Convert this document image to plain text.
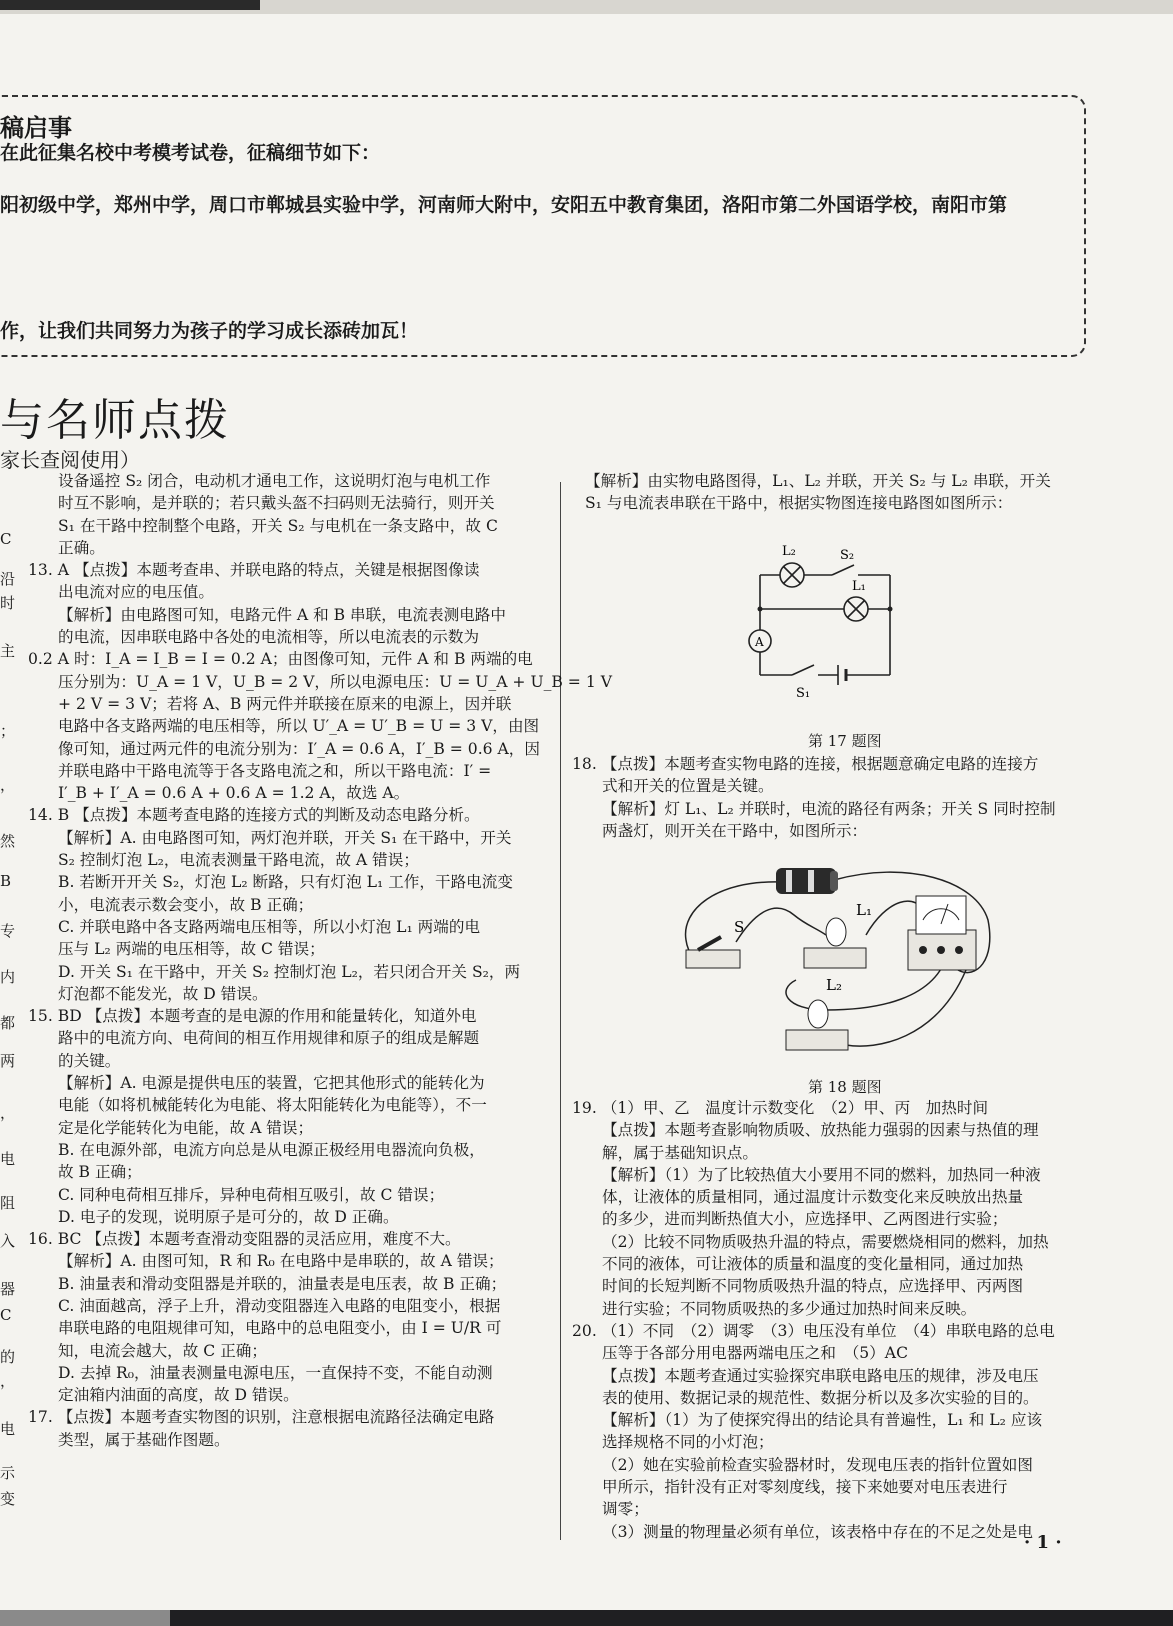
稿启事
在此征集名校中考模考试卷，征稿细节如下：
阳初级中学，郑州中学，周口市郸城县实验中学，河南师大附中，安阳五中教育集团，洛阳市第二外国语学校，南阳市第
作，让我们共同努力为孩子的学习成长添砖加瓦！
与名师点拨
家长查阅使用）
C
沿
时
主
；
，
然
B
专
内
都
两
，
电
阻
入
器
C
的
，
电
示
变

设备遥控 S₂ 闭合，电动机才通电工作，这说明灯泡与电机工作

时互不影响，是并联的；若只戴头盔不扫码则无法骑行，则开关

S₁ 在干路中控制整个电路，开关 S₂ 与电机在一条支路中，故 C

正确。

13. A 【点拨】本题考查串、并联电路的特点，关键是根据图像读

出电流对应的电压值。

【解析】由电路图可知，电路元件 A 和 B 串联，电流表测电路中

的电流，因串联电路中各处的电流相等，所以电流表的示数为

0.2 A 时：I_A = I_B = I = 0.2 A；由图像可知，元件 A 和 B 两端的电

压分别为：U_A = 1 V，U_B = 2 V，所以电源电压：U = U_A + U_B = 1 V

+ 2 V = 3 V；若将 A、B 两元件并联接在原来的电源上，因并联

电路中各支路两端的电压相等，所以 U′_A = U′_B = U = 3 V，由图

像可知，通过两元件的电流分别为：I′_A = 0.6 A，I′_B = 0.6 A，因

并联电路中干路电流等于各支路电流之和，所以干路电流：I′ =

I′_B + I′_A = 0.6 A + 0.6 A = 1.2 A，故选 A。

14. B 【点拨】本题考查电路的连接方式的判断及动态电路分析。

【解析】A. 由电路图可知，两灯泡并联，开关 S₁ 在干路中，开关

S₂ 控制灯泡 L₂，电流表测量干路电流，故 A 错误；

B. 若断开开关 S₂，灯泡 L₂ 断路，只有灯泡 L₁ 工作，干路电流变

小，电流表示数会变小，故 B 正确；

C. 并联电路中各支路两端电压相等，所以小灯泡 L₁ 两端的电

压与 L₂ 两端的电压相等，故 C 错误；

D. 开关 S₁ 在干路中，开关 S₂ 控制灯泡 L₂，若只闭合开关 S₂，两

灯泡都不能发光，故 D 错误。

15. BD 【点拨】本题考查的是电源的作用和能量转化，知道外电

路中的电流方向、电荷间的相互作用规律和原子的组成是解题

的关键。

【解析】A. 电源是提供电压的装置，它把其他形式的能转化为

电能（如将机械能转化为电能、将太阳能转化为电能等），不一

定是化学能转化为电能，故 A 错误；

B. 在电源外部，电流方向总是从电源正极经用电器流向负极，

故 B 正确；

C. 同种电荷相互排斥，异种电荷相互吸引，故 C 错误；

D. 电子的发现，说明原子是可分的，故 D 正确。

16. BC 【点拨】本题考查滑动变阻器的灵活应用，难度不大。

【解析】A. 由图可知，R 和 R₀ 在电路中是串联的，故 A 错误；

B. 油量表和滑动变阻器是并联的，油量表是电压表，故 B 正确；

C. 油面越高，浮子上升，滑动变阻器连入电路的电阻变小，根据

串联电路的电阻规律可知，电路中的总电阻变小，由 I = U/R 可

知，电流会越大，故 C 正确；

D. 去掉 R₀，油量表测量电源电压，一直保持不变，不能自动测

定油箱内油面的高度，故 D 错误。

17. 【点拨】本题考查实物图的识别，注意根据电流路径法确定电路

类型，属于基础作图题。

【解析】由实物电路图得，L₁、L₂ 并联，开关 S₂ 与 L₂ 串联，开关

S₁ 与电流表串联在干路中，根据实物图连接电路图如图所示：

L₂	S₂
L₁
A
S₁
第 17 题图

18. 【点拨】本题考查实物电路的连接，根据题意确定电路的连接方

式和开关的位置是关键。

【解析】灯 L₁、L₂ 并联时，电流的路径有两条；开关 S 同时控制

两盏灯，则开关在干路中，如图所示：

S
L₁
L₂
第 18 题图

19. （1）甲、乙　温度计示数变化　（2）甲、丙　加热时间

【点拨】本题考查影响物质吸、放热能力强弱的因素与热值的理

解，属于基础知识点。

【解析】（1）为了比较热值大小要用不同的燃料，加热同一种液

体，让液体的质量相同，通过温度计示数变化来反映放出热量

的多少，进而判断热值大小，应选择甲、乙两图进行实验；

（2）比较不同物质吸热升温的特点，需要燃烧相同的燃料，加热

不同的液体，可让液体的质量和温度的变化量相同，通过加热

时间的长短判断不同物质吸热升温的特点，应选择甲、丙两图

进行实验；不同物质吸热的多少通过加热时间来反映。

20. （1）不同　（2）调零　（3）电压没有单位　（4）串联电路的总电

压等于各部分用电器两端电压之和　（5）AC

【点拨】本题考查通过实验探究串联电路电压的规律，涉及电压

表的使用、数据记录的规范性、数据分析以及多次实验的目的。

【解析】（1）为了使探究得出的结论具有普遍性，L₁ 和 L₂ 应该

选择规格不同的小灯泡；

（2）她在实验前检查实验器材时，发现电压表的指针位置如图

甲所示，指针没有正对零刻度线，接下来她要对电压表进行

调零；

（3）测量的物理量必须有单位，该表格中存在的不足之处是电

· 1 ·
